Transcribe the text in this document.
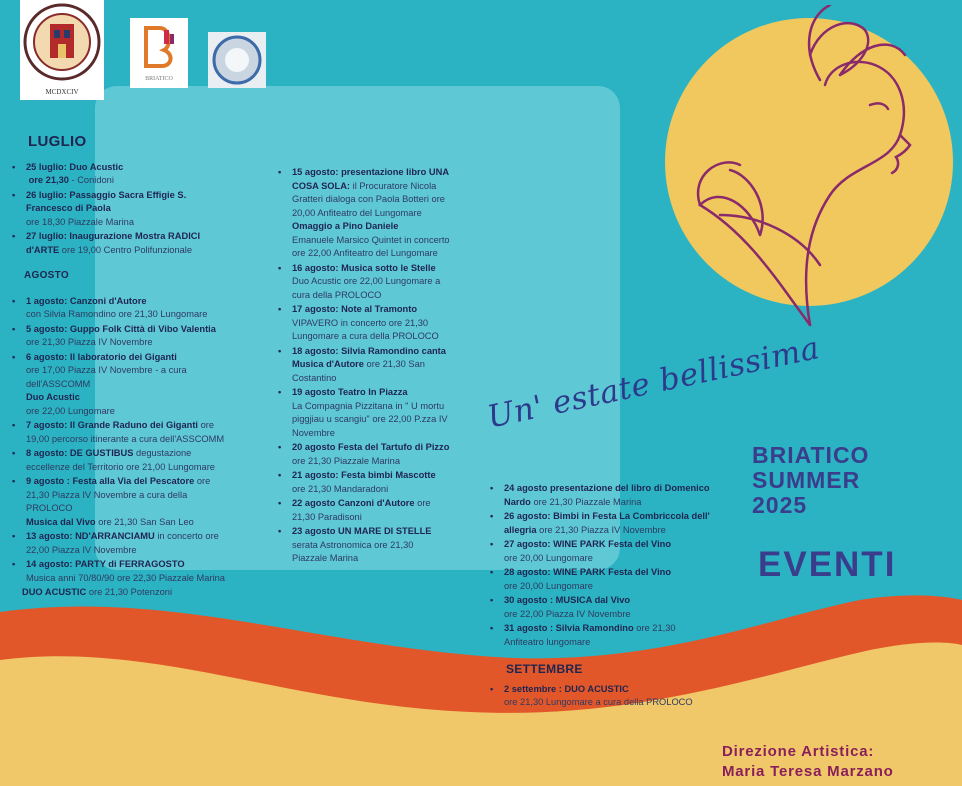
MCDXCIV
BRIATICO
LUGLIO
• 25 luglio: Duo Acustic
ore 21,30 - Conidoni
• 26 luglio: Passaggio Sacra Effigie S. Francesco di Paola
ore 18,30 Piazzale Marina
• 27 luglio: Inaugurazione Mostra RADICI d'ARTE ore 19,00 Centro Polifunzionale
AGOSTO
• 1 agosto: Canzoni d'Autore
con Silvia Ramondino ore 21,30 Lungomare
• 5 agosto: Guppo Folk Città di Vibo Valentia
ore 21,30 Piazza IV Novembre
• 6 agosto: Il laboratorio dei Giganti
ore 17,00 Piazza IV Novembre - a cura dell'ASSCOMM
Duo Acustic
ore 22,00 Lungomare
• 7 agosto: Il Grande Raduno dei Giganti ore 19,00 percorso itinerante a cura dell'ASSCOMM
• 8 agosto: DE GUSTIBUS degustazione eccellenze del Territorio ore 21,00 Lungomare
• 9 agosto : Festa alla Via del Pescatore ore 21,30 Piazza IV Novembre a cura della PROLOCO
Musica dal Vivo ore 21,30 San San Leo
• 13 agosto: ND'ARRANCIAMU in concerto ore 22,00 Piazza IV Novembre
• 14 agosto: PARTY di FERRAGOSTO
Musica anni 70/80/90 ore 22,30 Piazzale Marina
DUO ACUSTIC ore 21,30 Potenzoni
• 15 agosto: presentazione libro UNA COSA SOLA: il Procuratore Nicola Gratteri dialoga con Paola Botteri ore 20,00 Anfiteatro del Lungomare
Omaggio a Pino Daniele
Emanuele Marsico Quintet in concerto ore 22,00 Anfiteatro del Lungomare
• 16 agosto: Musica sotto le Stelle Duo Acustic ore 22,00 Lungomare a cura della PROLOCO
• 17 agosto: Note al Tramonto VIPAVERO in concerto ore 21,30 Lungomare a cura della PROLOCO
• 18 agosto: Silvia Ramondino canta Musica d'Autore ore 21,30 San Costantino
• 19 agosto Teatro In Piazza
La Compagnia Pizzitana in " U mortu piggjiau u scangiu" ore 22,00 P.zza IV Novembre
• 20 agosto Festa del Tartufo di Pizzo ore 21,30 Piazzale Marina
• 21 agosto: Festa bimbi Mascotte ore 21,30 Mandaradoni
• 22 agosto Canzoni d'Autore ore 21,30 Paradisoni
• 23 agosto UN MARE DI STELLE
serata Astronomica ore 21,30 Piazzale Marina
• 24 agosto presentazione del libro di Domenico Nardo ore 21,30 Piazzale Marina
• 26 agosto: Bimbi in Festa La Combriccola dell' allegria ore 21,30 Piazza IV Novembre
• 27 agosto: WINE PARK Festa del Vino
ore 20,00 Lungomare
• 28 agosto: WINE PARK Festa del Vino
ore 20,00 Lungomare
• 30 agosto : MUSICA dal Vivo
ore 22,00 Piazza IV Novembre
• 31 agosto : Silvia Ramondino ore 21,30 Anfiteatro lungomare
SETTEMBRE
• 2 settembre : DUO ACUSTIC
ore 21,30 Lungomare a cura della PROLOCO
Un' estate bellissima
BRIATICO
SUMMER
2025
EVENTI
Direzione Artistica:
Maria Teresa Marzano
